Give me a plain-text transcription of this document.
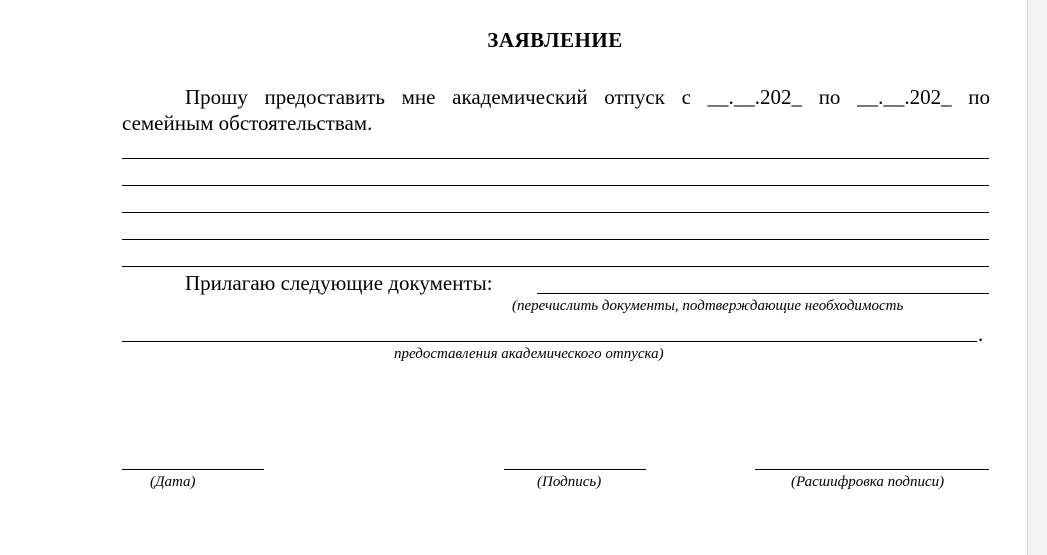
ЗАЯВЛЕНИЕ
Прошу предоставить мне академический отпуск с __.__.202_ по __.__.202_ по
семейным обстоятельствам.
Прилагаю следующие документы:
(перечислить документы, подтверждающие необходимость
.
предоставления академического отпуска)
(Дата)	(Подпись)	(Расшифровка подписи)
